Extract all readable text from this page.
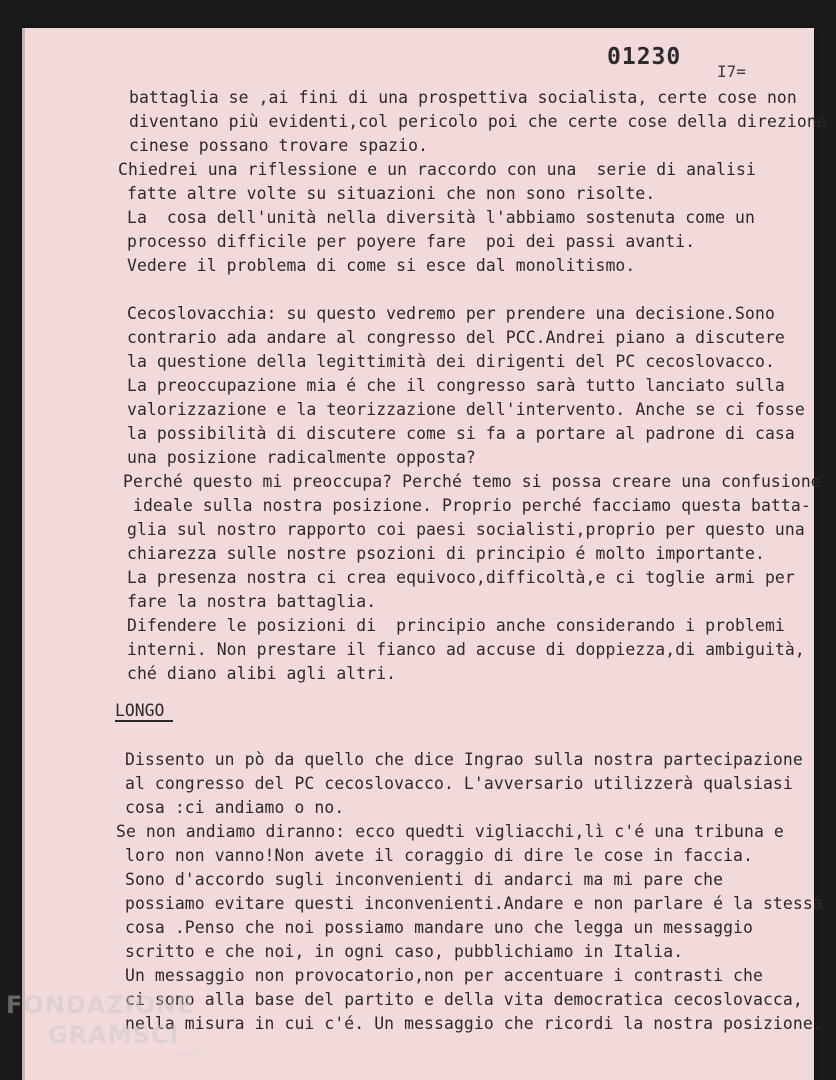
01230
I7=
battaglia se ,ai fini di una prospettiva socialista, certe cose non
diventano più evidenti,col pericolo poi che certe cose della direzione
cinese possano trovare spazio.
Chiedrei una riflessione e un raccordo con una  serie di analisi
fatte altre volte su situazioni che non sono risolte.
La  cosa dell'unità nella diversità l'abbiamo sostenuta come un
processo difficile per poyere fare  poi dei passi avanti.
Vedere il problema di come si esce dal monolitismo.
Cecoslovacchia: su questo vedremo per prendere una decisione.Sono
contrario ada andare al congresso del PCC.Andrei piano a discutere
la questione della legittimità dei dirigenti del PC cecoslovacco.
La preoccupazione mia é che il congresso sarà tutto lanciato sulla
valorizzazione e la teorizzazione dell'intervento. Anche se ci fosse
la possibilità di discutere come si fa a portare al padrone di casa
una posizione radicalmente opposta?
Perché questo mi preoccupa? Perché temo si possa creare una confusione
ideale sulla nostra posizione. Proprio perché facciamo questa batta-
glia sul nostro rapporto coi paesi socialisti,proprio per questo una
chiarezza sulle nostre psozioni di principio é molto importante.
La presenza nostra ci crea equivoco,difficoltà,e ci toglie armi per
fare la nostra battaglia.
Difendere le posizioni di  principio anche considerando i problemi
interni. Non prestare il fianco ad accuse di doppiezza,di ambiguità,
ché diano alibi agli altri.
LONGO
Dissento un pò da quello che dice Ingrao sulla nostra partecipazione
al congresso del PC cecoslovacco. L'avversario utilizzerà qualsiasi
cosa :ci andiamo o no.
Se non andiamo diranno: ecco quedti vigliacchi,lì c'é una tribuna e
loro non vanno!Non avete il coraggio di dire le cose in faccia.
Sono d'accordo sugli inconvenienti di andarci ma mi pare che
possiamo evitare questi inconvenienti.Andare e non parlare é la stessa
cosa .Penso che noi possiamo mandare uno che legga un messaggio
scritto e che noi, in ogni caso, pubblichiamo in Italia.
Un messaggio non provocatorio,non per accentuare i contrasti che
ci sono alla base del partito e della vita democratica cecoslovacca,
nella misura in cui c'é. Un messaggio che ricordi la nostra posizione.
FONDAZIONE
GRAMSCI
onlus
